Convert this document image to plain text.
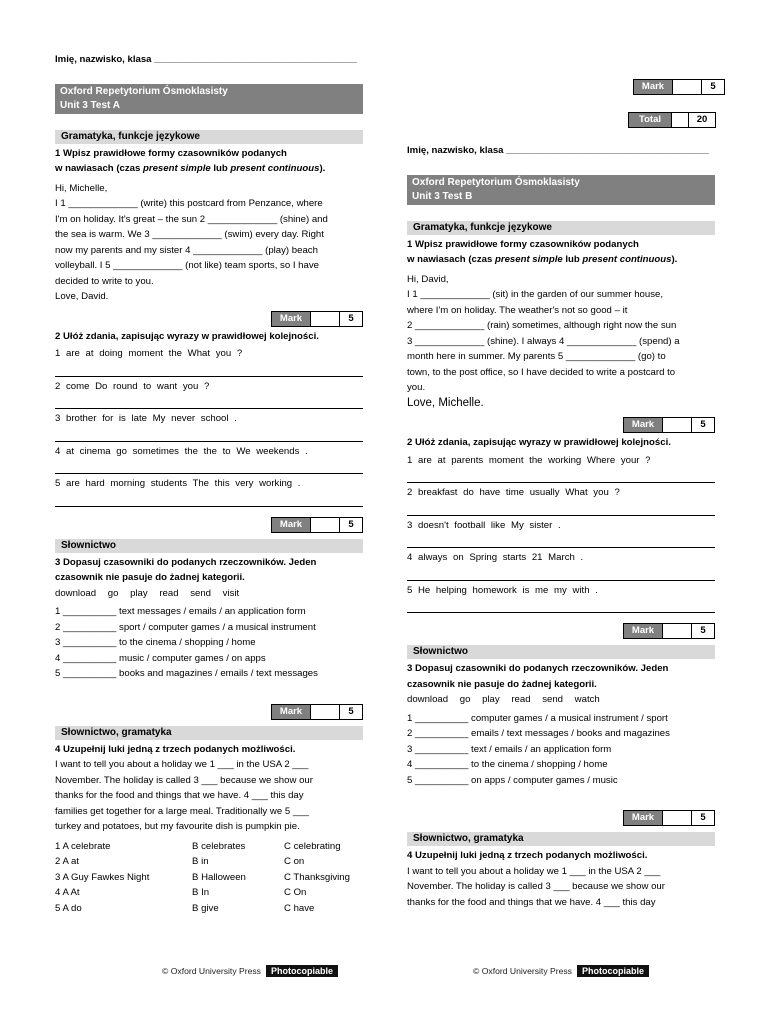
Imię, nazwisko, klasa ______________________________________

Oxford Repetytorium Ósmoklasisty
Unit 3 Test A
Gramatyka, funkcje językowe

1 Wpisz prawidłowe formy czasowników podanych
w nawiasach (czas present simple lub present continuous).

Hi, Michelle,
I 1 _____________ (write) this postcard from Penzance, where
I'm on holiday. It's great – the sun 2 _____________ (shine) and
the sea is warm. We 3 _____________ (swim) every day. Right
now my parents and my sister 4 _____________ (play) beach
volleyball. I 5 _____________ (not like) team sports, so I have
decided to write to you.
Love, David.
Mark	5

2 Ułóż zdania, zapisując wyrazy w prawidłowej kolejności.

1 are at doing moment the What you ?
2 come Do round to want you ?
3 brother for is late My never school .
4 at cinema go sometimes the the to We weekends .
5 are hard morning students The this very working .
Mark	5
Słownictwo

3 Dopasuj czasowniki do podanych rzeczowników. Jeden
czasownik nie pasuje do żadnej kategorii.

download go play read send visit
1 __________ text messages / emails / an application form
2 __________ sport / computer games / a musical instrument
3 __________ to the cinema / shopping / home
4 __________ music / computer games / on apps
5 __________ books and magazines / emails / text messages
Mark	5
Słownictwo, gramatyka

4 Uzupełnij luki jedną z trzech podanych możliwości.

I want to tell you about a holiday we 1 ___ in the USA 2 ___
November. The holiday is called 3 ___ because we show our
thanks for the food and things that we have. 4 ___ this day
families get together for a large meal. Traditionally we 5 ___
turkey and potatoes, but my favourite dish is pumpkin pie.
1 A celebrate	B celebrates	C celebrating
2 A at	B in	C on
3 A Guy Fawkes Night	B Halloween	C Thanksgiving
4 A At	B In	C On
5 A do	B give	C have
Mark	5
Total	20

Imię, nazwisko, klasa ______________________________________

Oxford Repetytorium Ósmoklasisty
Unit 3 Test B
Gramatyka, funkcje językowe

1 Wpisz prawidłowe formy czasowników podanych
w nawiasach (czas present simple lub present continuous).

Hi, David,
I 1 _____________ (sit) in the garden of our summer house,
where I'm on holiday. The weather's not so good – it
2 _____________ (rain) sometimes, although right now the sun
3 _____________ (shine). I always 4 _____________ (spend) a
month here in summer. My parents 5 _____________ (go) to
town, to the post office, so I have decided to write a postcard to
you.
Love, Michelle.
Mark	5

2 Ułóż zdania, zapisując wyrazy w prawidłowej kolejności.

1 are at parents moment the working Where your ?
2 breakfast do have time usually What you ?
3 doesn't football like My sister .
4 always on Spring starts 21 March .
5 He helping homework is me my with .
Mark	5
Słownictwo

3 Dopasuj czasowniki do podanych rzeczowników. Jeden
czasownik nie pasuje do żadnej kategorii.

download go play read send watch
1 __________ computer games / a musical instrument / sport
2 __________ emails / text messages / books and magazines
3 __________ text / emails / an application form
4 __________ to the cinema / shopping / home
5 __________ on apps / computer games / music
Mark	5
Słownictwo, gramatyka

4 Uzupełnij luki jedną z trzech podanych możliwości.

I want to tell you about a holiday we 1 ___ in the USA 2 ___
November. The holiday is called 3 ___ because we show our
thanks for the food and things that we have. 4 ___ this day
© Oxford University Press	Photocopiable	© Oxford University Press	Photocopiable
